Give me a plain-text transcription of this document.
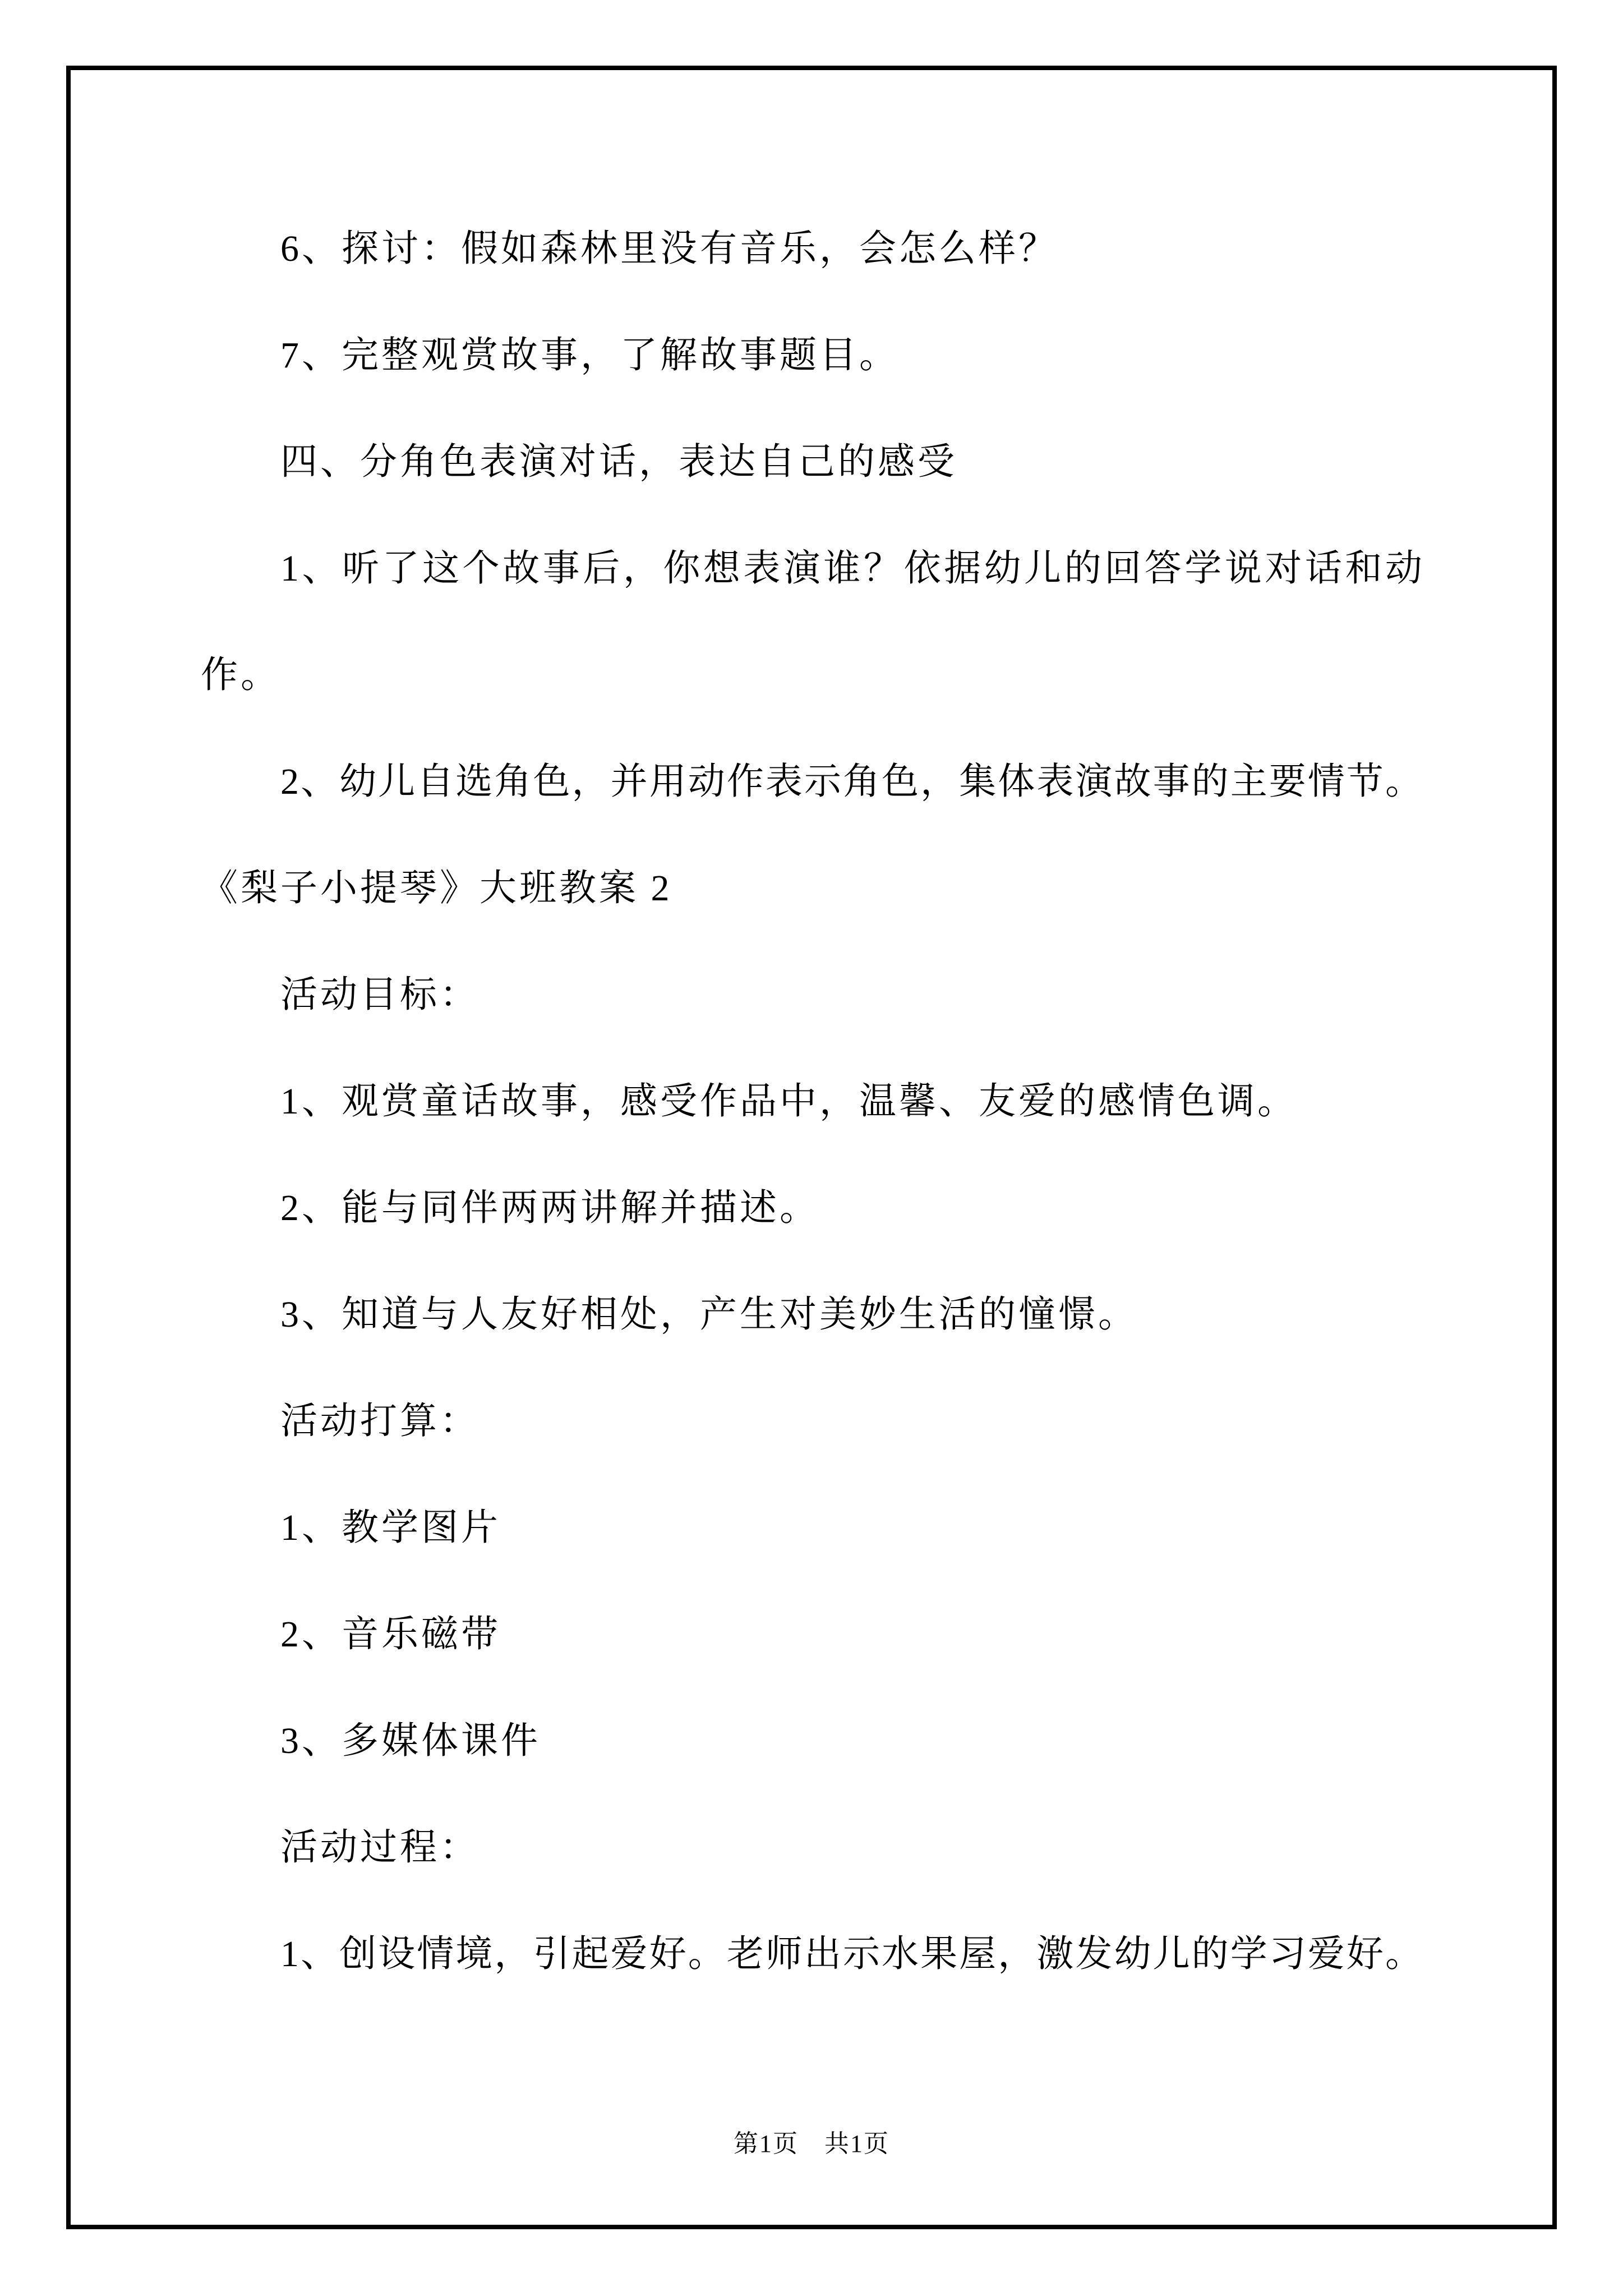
6、探讨：假如森林里没有音乐，会怎么样？
7、完整观赏故事，了解故事题目。
四、分角色表演对话，表达自己的感受
1、听了这个故事后，你想表演谁？依据幼儿的回答学说对话和动
作。
2、幼儿自选角色，并用动作表示角色，集体表演故事的主要情节。
《梨子小提琴》大班教案 2
活动目标：
1、观赏童话故事，感受作品中，温馨、友爱的感情色调。
2、能与同伴两两讲解并描述。
3、知道与人友好相处，产生对美妙生活的憧憬。
活动打算：
1、教学图片
2、音乐磁带
3、多媒体课件
活动过程：
1、创设情境，引起爱好。老师出示水果屋，激发幼儿的学习爱好。
第1页　共1页
